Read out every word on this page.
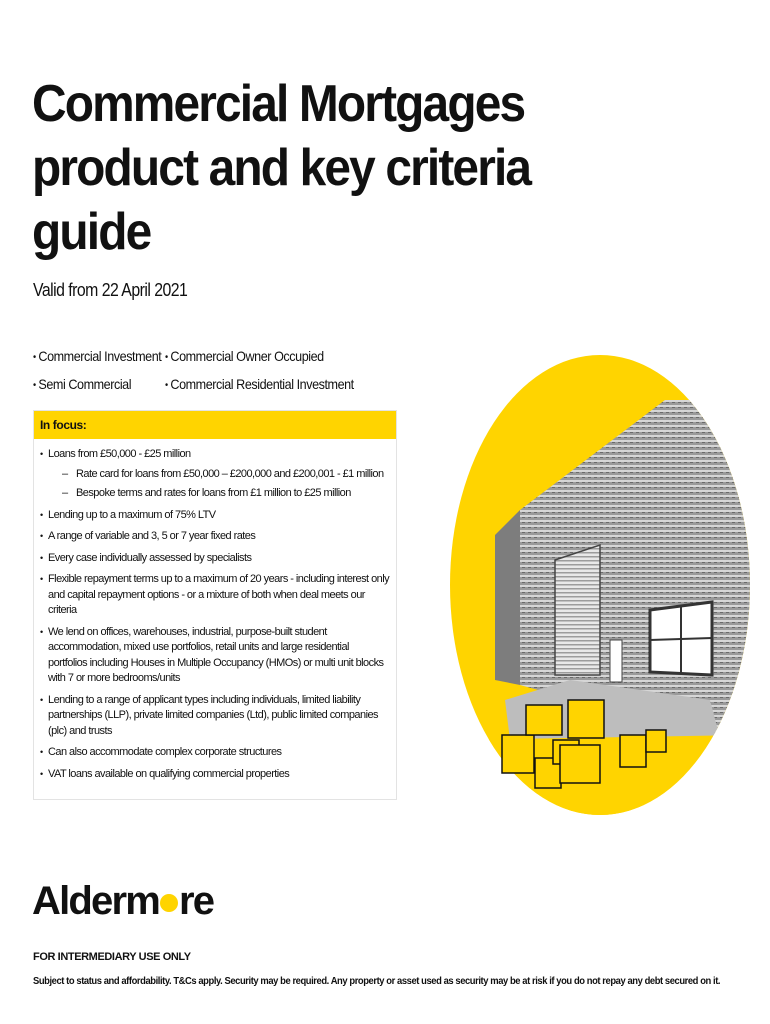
Commercial Mortgages
product and key criteria guide
Valid from 22 April 2021
• Commercial Investment • Commercial Owner Occupied
• Semi Commercial	• Commercial Residential Investment
In focus:
• Loans from £50,000 - £25 million
– Rate card for loans from £50,000 – £200,000 and £200,001 - £1 million
– Bespoke terms and rates for loans from £1 million to £25 million
• Lending up to a maximum of 75% LTV
• A range of variable and 3, 5 or 7 year fixed rates
• Every case individually assessed by specialists
• Flexible repayment terms up to a maximum of 20 years - including interest only and capital repayment options - or a mixture of both when deal meets our criteria
• We lend on offices, warehouses, industrial, purpose-built student accommodation, mixed use portfolios, retail units and large residential portfolios including Houses in Multiple Occupancy (HMOs) or multi unit blocks with 7 or more bedrooms/units
• Lending to a range of applicant types including individuals, limited liability partnerships (LLP), private limited companies (Ltd), public limited companies (plc) and trusts
• Can also accommodate complex corporate structures
• VAT loans available on qualifying commercial properties
Alderm re
FOR INTERMEDIARY USE ONLY
Subject to status and affordability. T&Cs apply. Security may be required. Any property or asset used as security may be at risk if you do not repay any debt secured on it.
